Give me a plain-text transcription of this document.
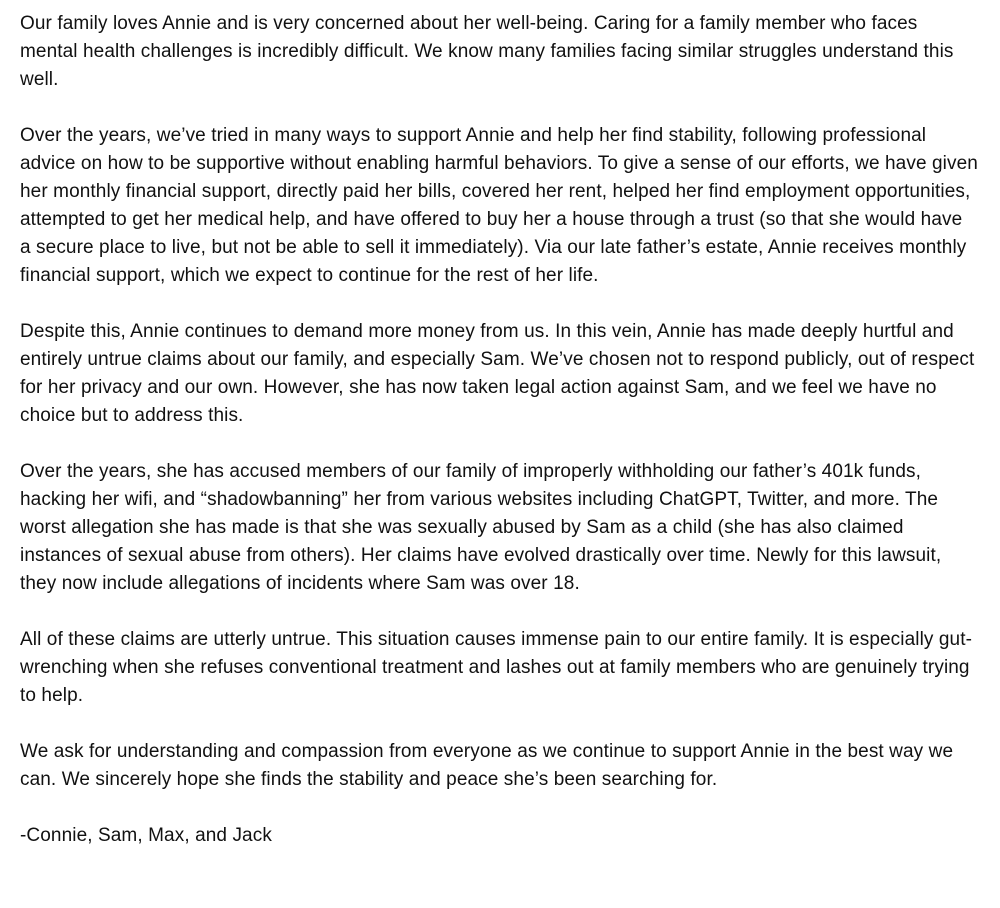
Our family loves Annie and is very concerned about her well-being. Caring for a family member who faces mental health challenges is incredibly difficult. We know many families facing similar struggles understand this well.

Over the years, we’ve tried in many ways to support Annie and help her find stability, following professional advice on how to be supportive without enabling harmful behaviors. To give a sense of our efforts, we have given her monthly financial support, directly paid her bills, covered her rent, helped her find employment opportunities, attempted to get her medical help, and have offered to buy her a house through a trust (so that she would have a secure place to live, but not be able to sell it immediately). Via our late father’s estate, Annie receives monthly financial support, which we expect to continue for the rest of her life.

Despite this, Annie continues to demand more money from us. In this vein, Annie has made deeply hurtful and entirely untrue claims about our family, and especially Sam. We’ve chosen not to respond publicly, out of respect for her privacy and our own. However, she has now taken legal action against Sam, and we feel we have no choice but to address this.

Over the years, she has accused members of our family of improperly withholding our father’s 401k funds, hacking her wifi, and “shadowbanning” her from various websites including ChatGPT, Twitter, and more. The worst allegation she has made is that she was sexually abused by Sam as a child (she has also claimed instances of sexual abuse from others). Her claims have evolved drastically over time. Newly for this lawsuit, they now include allegations of incidents where Sam was over 18.

All of these claims are utterly untrue. This situation causes immense pain to our entire family. It is especially gut-wrenching when she refuses conventional treatment and lashes out at family members who are genuinely trying to help.

We ask for understanding and compassion from everyone as we continue to support Annie in the best way we can. We sincerely hope she finds the stability and peace she’s been searching for.

-Connie, Sam, Max, and Jack
